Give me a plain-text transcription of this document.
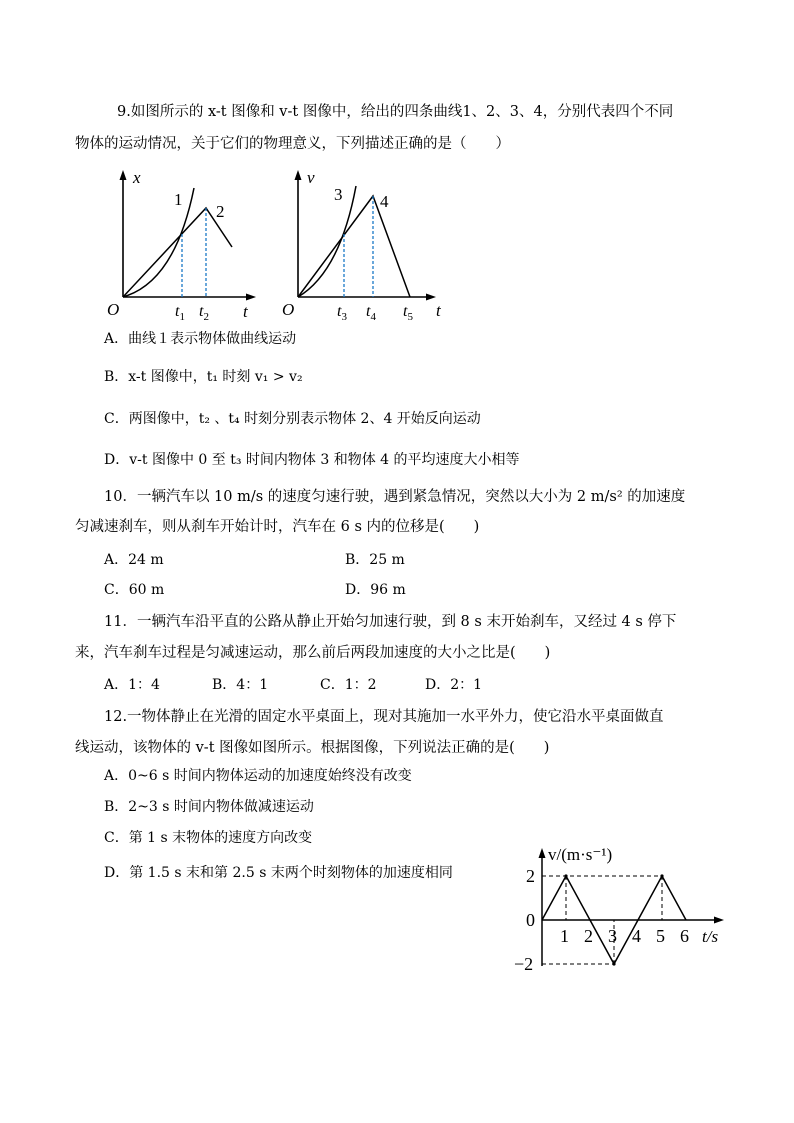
9.如图所示的 x-t 图像和 v-t 图像中，给出的四条曲线1、2、3、4，分别代表四个不同
物体的运动情况，关于它们的物理意义，下列描述正确的是（　　）
x
t
O
1
2
$t_1$ $t_2$
v
t
O
3 4
$t_3$ $t_4$ $t_5$
A．曲线１表示物体做曲线运动
B．x-t 图像中，t₁ 时刻 v₁ > v₂
C．两图像中，t₂ 、t₄ 时刻分别表示物体 2、4 开始反向运动
D．v-t 图像中 0 至 t₃ 时间内物体 3 和物体 4 的平均速度大小相等
10．一辆汽车以 10 m/s 的速度匀速行驶，遇到紧急情况，突然以大小为 2 m/s² 的加速度
匀减速刹车，则从刹车开始计时，汽车在 6 s 内的位移是(　　)
A．24 m	B．25 m
C．60 m	D．96 m
11．一辆汽车沿平直的公路从静止开始匀加速行驶，到 8 s 末开始刹车，又经过 4 s 停下
来，汽车刹车过程是匀减速运动，那么前后两段加速度的大小之比是(　　)
A．1：4	B．4：1	C．1：2	D．2：1
12.一物体静止在光滑的固定水平桌面上，现对其施加一水平外力，使它沿水平桌面做直
线运动，该物体的 v-t 图像如图所示。根据图像，下列说法正确的是(　　)
A．0~6 s 时间内物体运动的加速度始终没有改变
B．2~3 s 时间内物体做减速运动
C．第 1 s 末物体的速度方向改变
D．第 1.5 s 末和第 2.5 s 末两个时刻物体的加速度相同
v/(m·s⁻¹)
t/s
1 2 3 4 5 6
2
0
−2
